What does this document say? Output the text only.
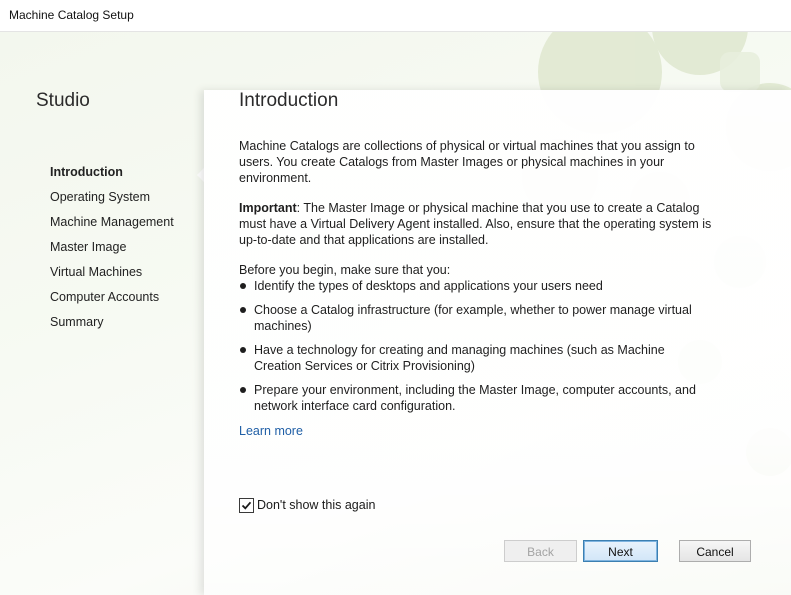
Machine Catalog Setup
Studio
Introduction
Operating System
Machine Management
Master Image
Virtual Machines
Computer Accounts
Summary
Introduction

Machine Catalogs are collections of physical or virtual machines that you assign to users. You create Catalogs from Master Images or physical machines in your environment.

Important: The Master Image or physical machine that you use to create a Catalog must have a Virtual Delivery Agent installed. Also, ensure that the operating system is up-to-date and that applications are installed.

Before you begin, make sure that you:

Identify the types of desktops and applications your users need
Choose a Catalog infrastructure (for example, whether to power manage virtual machines)
Have a technology for creating and managing machines (such as Machine Creation Services or Citrix Provisioning)
Prepare your environment, including the Master Image, computer accounts, and network interface card configuration.
Learn more
Don't show this again
Back	Next	Cancel
